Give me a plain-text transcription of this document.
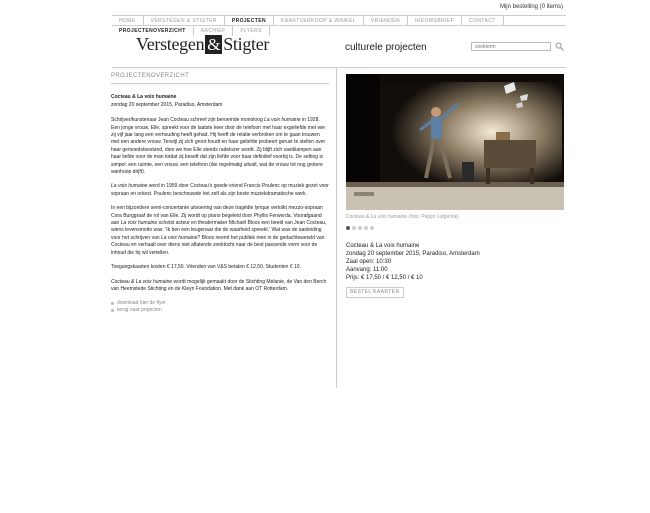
Mijn bestelling (0 items)
HOME	VERSTEGEN & STIGTER	PROJECTEN	KAARTVERKOOP & WINKEL	VRIENDEN	NIEUWSBRIEF	CONTACT
PROJECTENOVERZICHT	ARCHIEF	FLYERS
Verstegen & Stigter	culturele projecten
zoekterm
PROJECTENOVERZICHT

Cocteau & La voix humaine
zondag 20 september 2015, Paradiso, Amsterdam

Schrijver/kunstenaar Jean Cocteau schreef zijn beroemde monoloog La voix humaine in 1928. Een jonge vrouw, Elle, spreekt voor de laatste keer door de telefoon met haar exgeliefde met wie zij vijf jaar lang een verhouding heeft gehad. Hij heeft de relatie verbroken om te gaan trouwen met een andere vrouw. Terwijl zij zich groot houdt en haar geliefde probeert gerust te stellen over haar gemoedstoestand, dien we hoe Elle steeds radelozer wordt. Zij blijft zich vastklampen aan haar liefde voor de man totdat zij beseft dat zijn liefde voor haar definitief voorbij is. De setting is simpel: een ruimte, een vrouw, een telefoon (die regelmatig uitvalt, wat de vrouw tot nog grotere wanhoop drijft).

La voix humaine werd in 1959 door Cocteau’s goede vriend Francis Poulenc op muziek gezet voor sopraan en orkest. Poulenc beschouwde het zelf als zijn beste muziekdramatische werk.

In een bijzondere semi-concertante uitvoering van deze tragédie lyrique vertolkt mezzo-sopraan Cora Burggraaf de rol van Elle. Zij wordt op piano begeleid door Phyllis Ferwerda. Voorafgaand aan La voix humaine schetst acteur en theatermaker Michaël Bloos een beeld van Jean Cocteau, wiens levensmotto was: ‘Ik ben een leugenaar die de waarheid spreekt.’ Wat was de aanleiding voor het schrijven van La voix humaine? Bloos neemt het publiek mee in de gedachtewereld van Cocteau en verhaalt over diens niet aflatende zoektocht naar de best passende vorm voor de inhoud die hij wil vertellen.

Toegangskaarten kosten € 17,50. Vrienden van V&S betalen € 12,50. Studenten € 10.

Cocteau & La voix humaine wordt mogelijk gemaakt door de Stichting Melanie, de Van den Berch van Heemstede Stichting en de Kleyn Foundation. Met dank aan OT Rotterdam.

download hier de flyer
terug naar projecten
Cocteau & La voix humaine (foto: Pepijn Lutgerink)
Cocteau & La voix humaine
zondag 20 september 2015, Paradiso, Amsterdam
Zaal open: 10:30
Aanvang: 11:00
Prijs: € 17,50 / € 12,50 / € 10
BESTEL KAARTEN
